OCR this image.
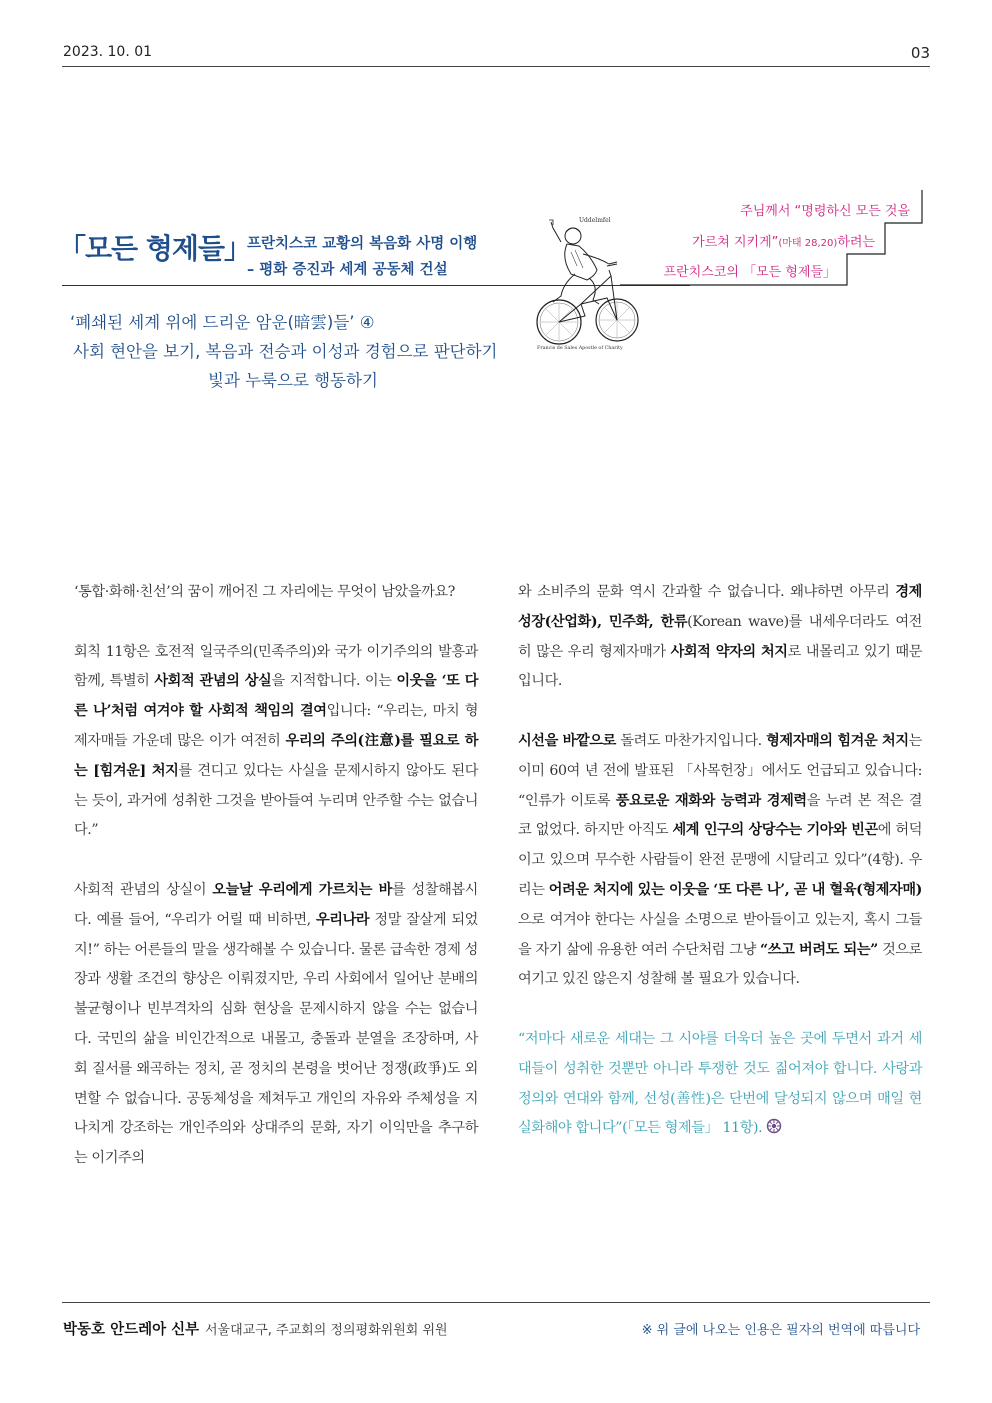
2023. 10. 01	03
「모든 형제들」
프란치스코 교황의 복음화 사명 이행
– 평화 증진과 세계 공동체 건설
주님께서 “명령하신 모든 것을
가르쳐 지키게”(마태 28,20)하려는
프란치스코의 「모든 형제들」
Uddelmfel
Francis de Sales Apostle of Charity
‘폐쇄된 세계 위에 드리운 암운(暗雲)들’ ④
사회 현안을 보기, 복음과 전승과 이성과 경험으로 판단하기
빛과 누룩으로 행동하기

‘통합·화해·친선’의 꿈이 깨어진 그 자리에는 무엇이 남았을까요?

회칙 11항은 호전적 일국주의(민족주의)와 국가 이기주의의 발흥과 함께, 특별히 사회적 관념의 상실을 지적합니다. 이는 이웃을 ‘또 다른 나’처럼 여겨야 할 사회적 책임의 결여입니다: “우리는, 마치 형제자매들 가운데 많은 이가 여전히 우리의 주의(注意)를 필요로 하는 [힘겨운] 처지를 견디고 있다는 사실을 문제시하지 않아도 된다는 듯이, 과거에 성취한 그것을 받아들여 누리며 안주할 수는 없습니다.”

사회적 관념의 상실이 오늘날 우리에게 가르치는 바를 성찰해봅시다. 예를 들어, “우리가 어릴 때 비하면, 우리나라 정말 잘살게 되었지!” 하는 어른들의 말을 생각해볼 수 있습니다. 물론 급속한 경제 성장과 생활 조건의 향상은 이뤄졌지만, 우리 사회에서 일어난 분배의 불균형이나 빈부격차의 심화 현상을 문제시하지 않을 수는 없습니다. 국민의 삶을 비인간적으로 내몰고, 충돌과 분열을 조장하며, 사회 질서를 왜곡하는 정치, 곧 정치의 본령을 벗어난 정쟁(政爭)도 외면할 수 없습니다. 공동체성을 제쳐두고 개인의 자유와 주체성을 지나치게 강조하는 개인주의와 상대주의 문화, 자기 이익만을 추구하는 이기주의

와 소비주의 문화 역시 간과할 수 없습니다. 왜냐하면 아무리 경제 성장(산업화), 민주화, 한류(Korean wave)를 내세우더라도 여전히 많은 우리 형제자매가 사회적 약자의 처지로 내몰리고 있기 때문입니다.

시선을 바깥으로 돌려도 마찬가지입니다. 형제자매의 힘겨운 처지는 이미 60여 년 전에 발표된 「사목헌장」에서도 언급되고 있습니다: “인류가 이토록 풍요로운 재화와 능력과 경제력을 누려 본 적은 결코 없었다. 하지만 아직도 세계 인구의 상당수는 기아와 빈곤에 허덕이고 있으며 무수한 사람들이 완전 문맹에 시달리고 있다”(4항). 우리는 어려운 처지에 있는 이웃을 ‘또 다른 나’, 곧 내 혈육(형제자매)으로 여겨야 한다는 사실을 소명으로 받아들이고 있는지, 혹시 그들을 자기 삶에 유용한 여러 수단처럼 그냥 “쓰고 버려도 되는” 것으로 여기고 있진 않은지 성찰해 볼 필요가 있습니다.

“저마다 새로운 세대는 그 시야를 더욱더 높은 곳에 두면서 과거 세대들이 성취한 것뿐만 아니라 투쟁한 것도 짊어져야 합니다. 사랑과 정의와 연대와 함께, 선성(善性)은 단번에 달성되지 않으며 매일 현실화해야 합니다”(「모든 형제들」 11항).

박동호 안드레아 신부 서울대교구, 주교회의 정의평화위원회 위원	※ 위 글에 나오는 인용은 필자의 번역에 따릅니다
